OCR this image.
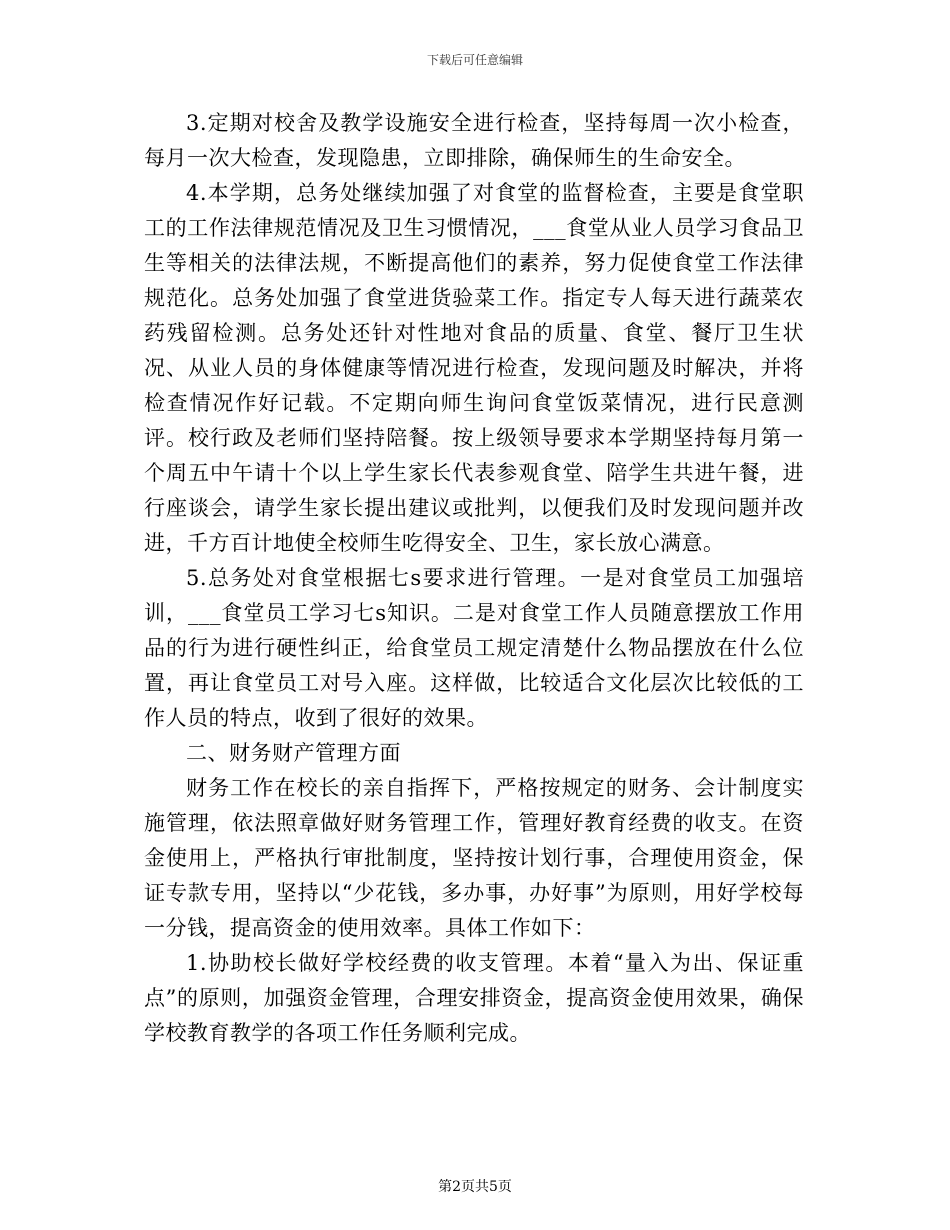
下载后可任意编辑

3.定期对校舍及教学设施安全进行检查，坚持每周一次小检查，每月一次大检查，发现隐患，立即排除，确保师生的生命安全。

4.本学期，总务处继续加强了对食堂的监督检查，主要是食堂职工的工作法律规范情况及卫生习惯情况，___食堂从业人员学习食品卫生等相关的法律法规，不断提高他们的素养，努力促使食堂工作法律规范化。总务处加强了食堂进货验菜工作。指定专人每天进行蔬菜农药残留检测。总务处还针对性地对食品的质量、食堂、餐厅卫生状况、从业人员的身体健康等情况进行检查，发现问题及时解决，并将检查情况作好记载。不定期向师生询问食堂饭菜情况，进行民意测评。校行政及老师们坚持陪餐。按上级领导要求本学期坚持每月第一个周五中午请十个以上学生家长代表参观食堂、陪学生共进午餐，进行座谈会，请学生家长提出建议或批判，以便我们及时发现问题并改进，千方百计地使全校师生吃得安全、卫生，家长放心满意。

5.总务处对食堂根据七s要求进行管理。一是对食堂员工加强培训，___食堂员工学习七s知识。二是对食堂工作人员随意摆放工作用品的行为进行硬性纠正，给食堂员工规定清楚什么物品摆放在什么位置，再让食堂员工对号入座。这样做，比较适合文化层次比较低的工作人员的特点，收到了很好的效果。

二、财务财产管理方面

财务工作在校长的亲自指挥下，严格按规定的财务、会计制度实施管理，依法照章做好财务管理工作，管理好教育经费的收支。在资金使用上，严格执行审批制度，坚持按计划行事，合理使用资金，保证专款专用，坚持以“少花钱，多办事，办好事”为原则，用好学校每一分钱，提高资金的使用效率。具体工作如下：

1.协助校长做好学校经费的收支管理。本着“量入为出、保证重点”的原则，加强资金管理，合理安排资金，提高资金使用效果，确保学校教育教学的各项工作任务顺利完成。

第2页共5页
